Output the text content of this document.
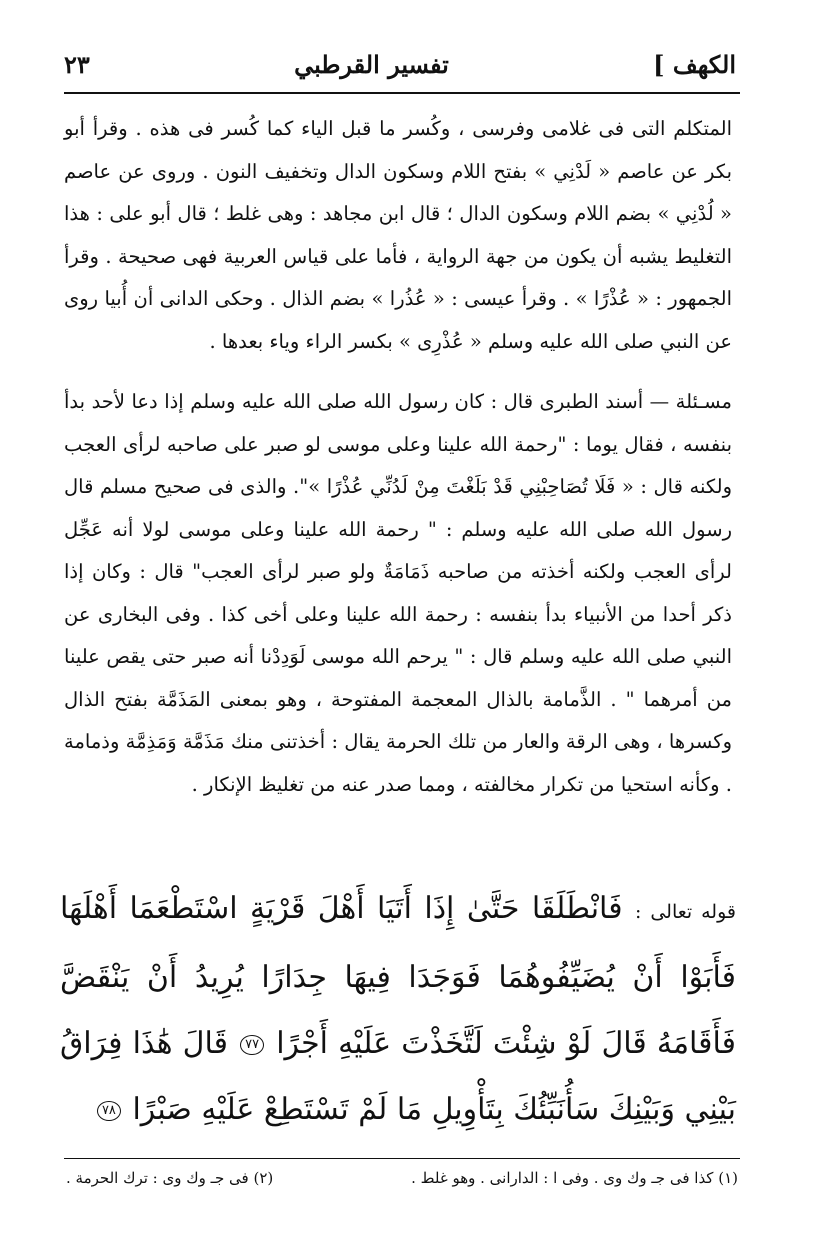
الكهف ]
تفسير القرطبي
٢٣

المتكلم التى فى غلامى وفرسى ، وكُسر ما قبل الياء كما كُسر فى هذه . وقرأ أبو بكر عن عاصم « لَدْنِي » بفتح اللام وسكون الدال وتخفيف النون . وروى عن عاصم « لُدْنِي » بضم اللام وسكون الدال ؛ قال ابن مجاهد : وهى غلط ؛ قال أبو على : هذا التغليط يشبه أن يكون من جهة الرواية ، فأما على قياس العربية فهى صحيحة . وقرأ الجمهور : « عُذْرًا » . وقرأ عيسى : « عُذُرا » بضم الذال . وحكى الدانى أن أُبيا روى عن النبي صلى الله عليه وسلم « عُذْرِى » بكسر الراء وياء بعدها .

مسـئلة — أسند الطبرى قال : كان رسول الله صلى الله عليه وسلم إذا دعا لأحد بدأ بنفسه ، فقال يوما : "رحمة الله علينا وعلى موسى لو صبر على صاحبه لرأى العجب ولكنه قال : « فَلَا تُصَاحِبْنِي قَدْ بَلَغْتَ مِنْ لَدُنِّي عُذْرًا »". والذى فى صحيح مسلم قال رسول الله صلى الله عليه وسلم : " رحمة الله علينا وعلى موسى لولا أنه عَجِّل لرأى العجب ولكنه أخذته من صاحبه ذَمَامَةٌ ولو صبر لرأى العجب" قال : وكان إذا ذكر أحدا من الأنبياء بدأ بنفسه : رحمة الله علينا وعلى أخى كذا . وفى البخارى عن النبي صلى الله عليه وسلم قال : " يرحم الله موسى لَوَدِدْنا أنه صبر حتى يقص علينا من أمرهما " . الذَّمامة بالذال المعجمة المفتوحة ، وهو بمعنى المَذَمَّة بفتح الذال وكسرها ، وهى الرقة والعار من تلك الحرمة يقال : أخذتنى منك مَذَمَّة وَمَذِمَّة وذمامة . وكأنه استحيا من تكرار مخالفته ، ومما صدر عنه من تغليظ الإنكار .

قوله تعالى : فَانْطَلَقَا حَتَّىٰ إِذَا أَتَيَا أَهْلَ قَرْيَةٍ اسْتَطْعَمَا أَهْلَهَا فَأَبَوْا أَنْ يُضَيِّفُوهُمَا فَوَجَدَا فِيهَا جِدَارًا يُرِيدُ أَنْ يَنْقَضَّ فَأَقَامَهُ قَالَ لَوْ شِئْتَ لَتَّخَذْتَ عَلَيْهِ أَجْرًا ٧٧ قَالَ هَٰذَا فِرَاقُ بَيْنِي وَبَيْنِكَ سَأُنَبِّئُكَ بِتَأْوِيلِ مَا لَمْ تَسْتَطِعْ عَلَيْهِ صَبْرًا ٧٨
(١) كذا فى جـ وك وى . وفى ا : الدارانى . وهو غلط .
(٢) فى جـ وك وى : ترك الحرمة .
